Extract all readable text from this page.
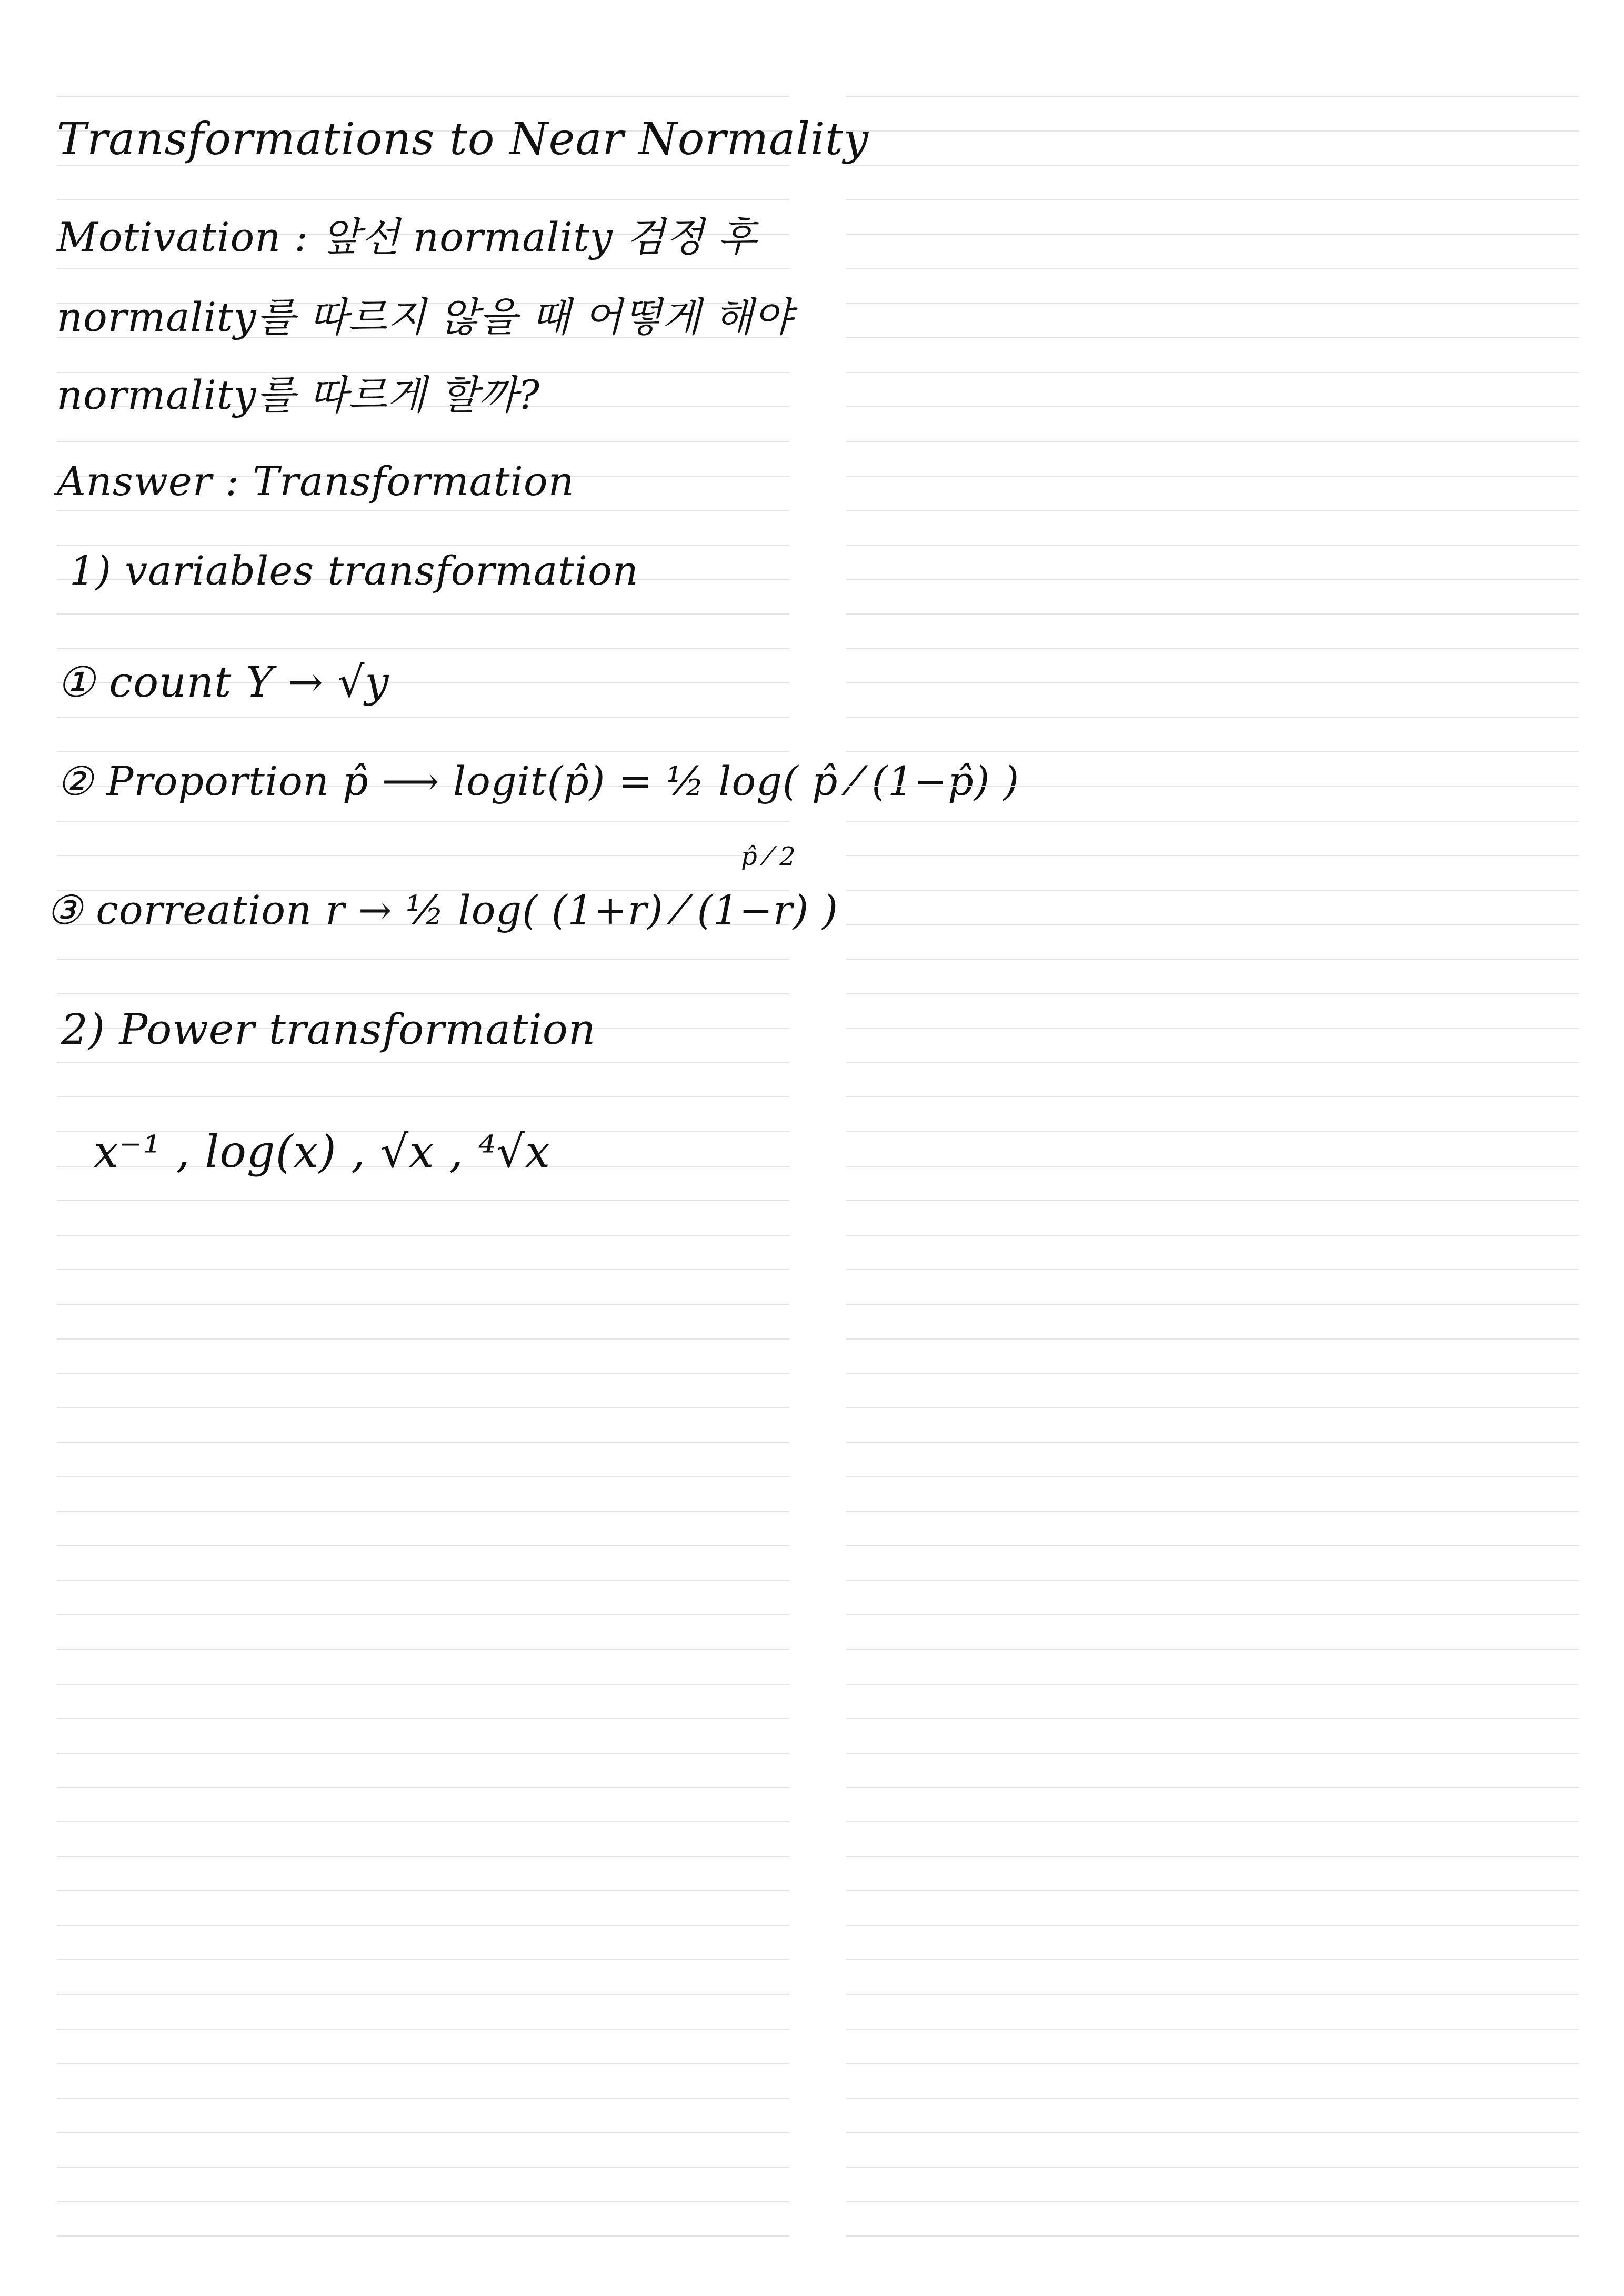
Transformations to Near Normality
Motivation : 앞선 normality 검정 후
normality를 따르지 않을 때 어떻게 해야
normality를 따르게 할까?
Answer : Transformation
1) variables transformation
① count Y → √y
② Proportion p̂ ⟶ logit(p̂) = ½ log( p̂ ⁄ (1−p̂) )
p̂ ⁄ 2
③ correation r → ½ log( (1+r) ⁄ (1−r) )
2) Power transformation
x⁻¹ , log(x) , √x , ⁴√x
